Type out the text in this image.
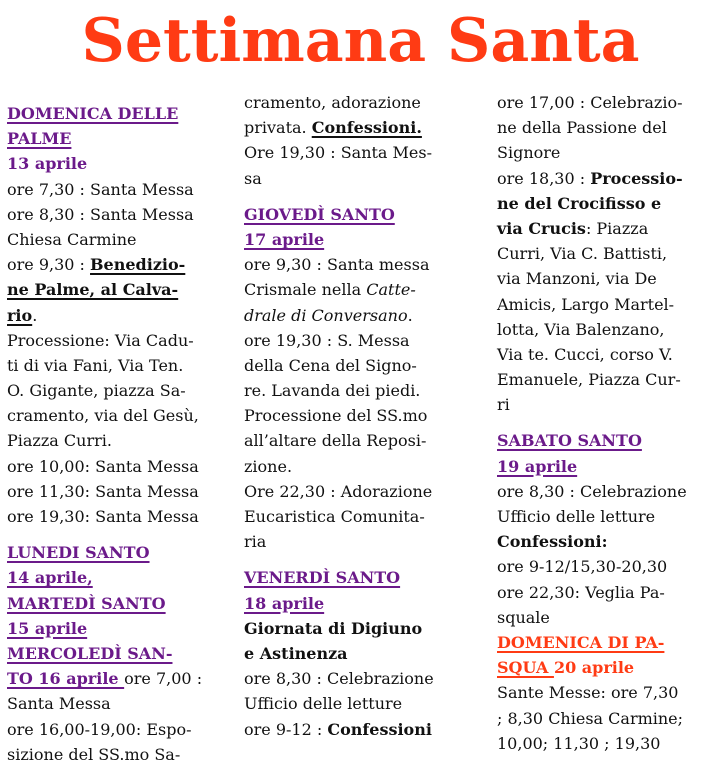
Settimana Santa
DOMENICA DELLE
PALME
13 aprile
ore 7,30 : Santa Messa
ore 8,30 : Santa Messa
Chiesa Carmine
ore 9,30 : Benedizio-
ne Palme, al Calva-
rio.
Processione: Via Cadu-
ti di via Fani, Via Ten.
O. Gigante, piazza Sa-
cramento, via del Gesù,
Piazza Curri.
ore 10,00: Santa Messa
ore 11,30: Santa Messa
ore 19,30: Santa Messa
LUNEDI SANTO
14 aprile,
MARTEDÌ SANTO
15 aprile
MERCOLEDÌ SAN-
TO 16 aprile ore 7,00 :
Santa Messa
ore 16,00-19,00: Espo-
sizione del SS.mo Sa-
cramento, adorazione
privata. Confessioni.
Ore 19,30 : Santa Mes-
sa
GIOVEDÌ SANTO
17 aprile
ore 9,30 : Santa messa
Crismale nella Catte-
drale di Conversano.
ore 19,30 : S. Messa
della Cena del Signo-
re. Lavanda dei piedi.
Processione del SS.mo
all’altare della Reposi-
zione.
Ore 22,30 : Adorazione
Eucaristica Comunita-
ria
VENERDÌ SANTO
18 aprile
Giornata di Digiuno
e Astinenza
ore 8,30 : Celebrazione
Ufficio delle letture
ore 9-12 : Confessioni
ore 17,00 : Celebrazio-
ne della Passione del
Signore
ore 18,30 : Processio-
ne del Crocifisso e
via Crucis: Piazza
Curri, Via C. Battisti,
via Manzoni, via De
Amicis, Largo Martel-
lotta, Via Balenzano,
Via te. Cucci, corso V.
Emanuele, Piazza Cur-
ri
SABATO SANTO
19 aprile
ore 8,30 : Celebrazione
Ufficio delle letture
Confessioni:
ore 9-12/15,30-20,30
ore 22,30: Veglia Pa-
squale
DOMENICA DI PA-
SQUA 20 aprile
Sante Messe: ore 7,30
; 8,30 Chiesa Carmine;
10,00; 11,30 ; 19,30
